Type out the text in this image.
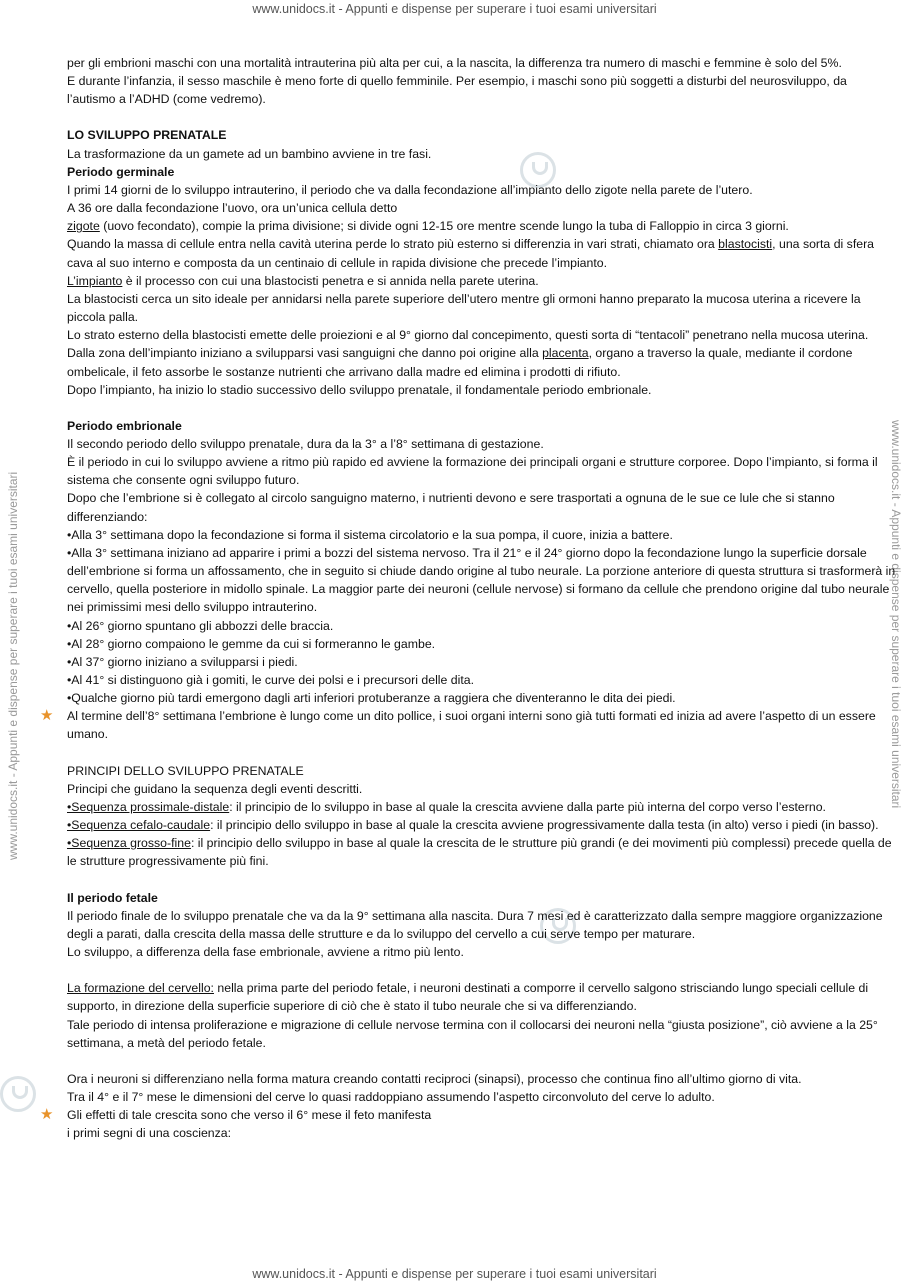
www.unidocs.it - Appunti e dispense per superare i tuoi esami universitari
www.unidocs.it - Appunti e dispense per superare i tuoi esami universitari	www.unidocs.it - Appunti e dispense per superare i tuoi esami universitari

per gli embrioni maschi con una mortalità intrauterina più alta per cui, a la nascita, la differenza tra numero di maschi e femmine è solo del 5%.

E durante l’infanzia, il sesso maschile è meno forte di quello femminile. Per esempio, i maschi sono più soggetti a disturbi del neurosviluppo, da l’autismo a l’ADHD (come vedremo).

LO SVILUPPO PRENATALE

La trasformazione da un gamete ad un bambino avviene in tre fasi.

Periodo germinale

I primi 14 giorni de lo sviluppo intrauterino, il periodo che va dalla fecondazione all’impianto dello zigote nella parete de l’utero.

A 36 ore dalla fecondazione l’uovo, ora un’unica cellula detto

zigote (uovo fecondato), compie la prima divisione; si divide ogni 12-15 ore mentre scende lungo la tuba di Falloppio in circa 3 giorni.

Quando la massa di cellule entra nella cavità uterina perde lo strato più esterno si differenzia in vari strati, chiamato ora blastocisti, una sorta di sfera cava al suo interno e composta da un centinaio di cellule in rapida divisione che precede l’impianto.

L’impianto è il processo con cui una blastocisti penetra e si annida nella parete uterina.

La blastocisti cerca un sito ideale per annidarsi nella parete superiore dell’utero mentre gli ormoni hanno preparato la mucosa uterina a ricevere la piccola palla.

Lo strato esterno della blastocisti emette delle proiezioni e al 9° giorno dal concepimento, questi sorta di “tentacoli” penetrano nella mucosa uterina.

Dalla zona dell’impianto iniziano a svilupparsi vasi sanguigni che danno poi origine alla placenta, organo a traverso la quale, mediante il cordone ombelicale, il feto assorbe le sostanze nutrienti che arrivano dalla madre ed elimina i prodotti di rifiuto.

Dopo l’impianto, ha inizio lo stadio successivo dello sviluppo prenatale, il fondamentale periodo embrionale.

Periodo embrionale

Il secondo periodo dello sviluppo prenatale, dura da la 3° a l’8° settimana di gestazione.

È il periodo in cui lo sviluppo avviene a ritmo più rapido ed avviene la formazione dei principali organi e strutture corporee. Dopo l’impianto, si forma il sistema che consente ogni sviluppo futuro.

Dopo che l’embrione si è collegato al circolo sanguigno materno, i nutrienti devono e sere trasportati a ognuna de le sue ce lule che si stanno differenziando:

•Alla 3° settimana dopo la fecondazione si forma il sistema circolatorio e la sua pompa, il cuore, inizia a battere.

•Alla 3° settimana iniziano ad apparire i primi a bozzi del sistema nervoso. Tra il 21° e il 24° giorno dopo la fecondazione lungo la superficie dorsale dell’embrione si forma un affossamento, che in seguito si chiude dando origine al tubo neurale. La porzione anteriore di questa struttura si trasformerà in cervello, quella posteriore in midollo spinale. La maggior parte dei neuroni (cellule nervose) si formano da cellule che prendono origine dal tubo neurale nei primissimi mesi dello sviluppo intrauterino.

•Al 26° giorno spuntano gli abbozzi delle braccia.

•Al 28° giorno compaiono le gemme da cui si formeranno le gambe.

•Al 37° giorno iniziano a svilupparsi i piedi.

•Al 41° si distinguono già i gomiti, le curve dei polsi e i precursori delle dita.

•Qualche giorno più tardi emergono dagli arti inferiori protuberanze a raggiera che diventeranno le dita dei piedi.

★ Al termine dell’8° settimana l’embrione è lungo come un dito pollice, i suoi organi interni sono già tutti formati ed inizia ad avere l’aspetto di un essere umano.

PRINCIPI DELLO SVILUPPO PRENATALE

Principi che guidano la sequenza degli eventi descritti.

•Sequenza prossimale-distale: il principio de lo sviluppo in base al quale la crescita avviene dalla parte più interna del corpo verso l’esterno.

•Sequenza cefalo-caudale: il principio dello sviluppo in base al quale la crescita avviene progressivamente dalla testa (in alto) verso i piedi (in basso).

•Sequenza grosso-fine: il principio dello sviluppo in base al quale la crescita de le strutture più grandi (e dei movimenti più complessi) precede quella de le strutture progressivamente più fini.

Il periodo fetale

Il periodo finale de lo sviluppo prenatale che va da la 9° settimana alla nascita. Dura 7 mesi ed è caratterizzato dalla sempre maggiore organizzazione degli a parati, dalla crescita della massa delle strutture e da lo sviluppo del cervello a cui serve tempo per maturare.

Lo sviluppo, a differenza della fase embrionale, avviene a ritmo più lento.

La formazione del cervello: nella prima parte del periodo fetale, i neuroni destinati a comporre il cervello salgono strisciando lungo speciali cellule di supporto, in direzione della superficie superiore di ciò che è stato il tubo neurale che si va differenziando.

Tale periodo di intensa proliferazione e migrazione di cellule nervose termina con il collocarsi dei neuroni nella “giusta posizione”, ciò avviene a la 25° settimana, a metà del periodo fetale.

Ora i neuroni si differenziano nella forma matura creando contatti reciproci (sinapsi), processo che continua fino all’ultimo giorno di vita.

Tra il 4° e il 7° mese le dimensioni del cerve lo quasi raddoppiano assumendo l’aspetto circonvoluto del cerve lo adulto.

★ Gli effetti di tale crescita sono che verso il 6° mese il feto manifesta

i primi segni di una coscienza:

www.unidocs.it - Appunti e dispense per superare i tuoi esami universitari
